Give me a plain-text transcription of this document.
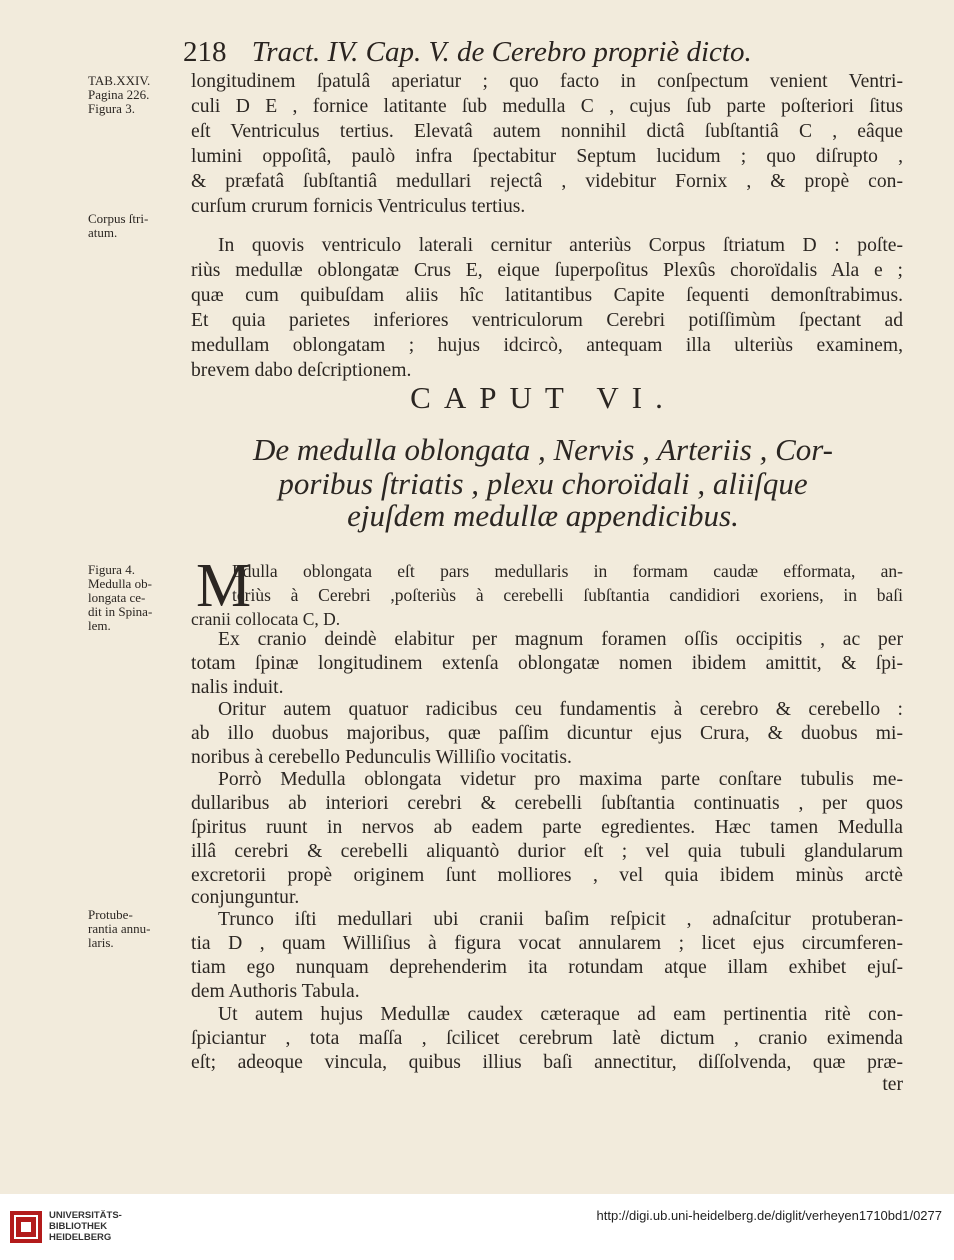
218 Tract. IV. Cap. V. de Cerebro propriè dicto.
TAB.XXIV.
Pagina 226.
Figura 3.
Corpus ſtri-
atum.
Figura 4.
Medulla ob-
longata ce-
dit in Spina-
lem.
Protube-
rantia annu-
laris.
longitudinem ſpatulâ aperiatur ; quo facto in conſpectum venient Ventri-
culi D E , fornice latitante ſub medulla C , cujus ſub parte poſteriori ſitus
eſt Ventriculus tertius. Elevatâ autem nonnihil dictâ ſubſtantiâ C , eâque
lumini oppoſitâ, paulò infra ſpectabitur Septum lucidum ; quo diſrupto ,
& præfatâ ſubſtantiâ medullari rejectâ , videbitur Fornix , & propè con-
curſum crurum fornicis Ventriculus tertius.
In quovis ventriculo laterali cernitur anteriùs Corpus ſtriatum D : poſte-
riùs medullæ oblongatæ Crus E, eique ſuperpoſitus Plexûs choroïdalis Ala e ;
quæ cum quibuſdam aliis hîc latitantibus Capite ſequenti demonſtrabimus.
Et quia parietes inferiores ventriculorum Cerebri potiſſimùm ſpectant ad
medullam oblongatam ; hujus idcircò, antequam illa ulteriùs examinem,
brevem dabo deſcriptionem.
CAPUT VI.
De medulla oblongata , Nervis , Arteriis , Cor-
poribus ſtriatis , plexu choroïdali , aliiſque
ejuſdem medullæ appendicibus.
M
Edulla oblongata eſt pars medullaris in formam caudæ efformata, an-
teriùs à Cerebri ,poſteriùs à cerebelli ſubſtantia candidiori exoriens, in baſi
cranii collocata C, D.
Ex cranio deindè elabitur per magnum foramen oſſis occipitis , ac per
totam ſpinæ longitudinem extenſa oblongatæ nomen ibidem amittit, & ſpi-
nalis induit.
Oritur autem quatuor radicibus ceu fundamentis à cerebro & cerebello :
ab illo duobus majoribus, quæ paſſim dicuntur ejus Crura, & duobus mi-
noribus à cerebello Pedunculis Williſio vocitatis.
Porrò Medulla oblongata videtur pro maxima parte conſtare tubulis me-
dullaribus ab interiori cerebri & cerebelli ſubſtantia continuatis , per quos
ſpiritus ruunt in nervos ab eadem parte egredientes. Hæc tamen Medulla
illâ cerebri & cerebelli aliquantò durior eſt ; vel quia tubuli glandularum
excretorii propè originem ſunt molliores , vel quia ibidem minùs arctè
conjunguntur.
Trunco iſti medullari ubi cranii baſim reſpicit , adnaſcitur protuberan-
tia D , quam Williſius à figura vocat annularem ; licet ejus circumferen-
tiam ego nunquam deprehenderim ita rotundam atque illam exhibet ejuſ-
dem Authoris Tabula.
Ut autem hujus Medullæ caudex cæteraque ad eam pertinentia ritè con-
ſpiciantur , tota maſſa , ſcilicet cerebrum latè dictum , cranio eximenda
eſt; adeoque vincula, quibus illius baſi annectitur, diſſolvenda, quæ præ-
ter
UNIVERSITÄTS-
BIBLIOTHEK
HEIDELBERG
http://digi.ub.uni-heidelberg.de/diglit/verheyen1710bd1/0277
